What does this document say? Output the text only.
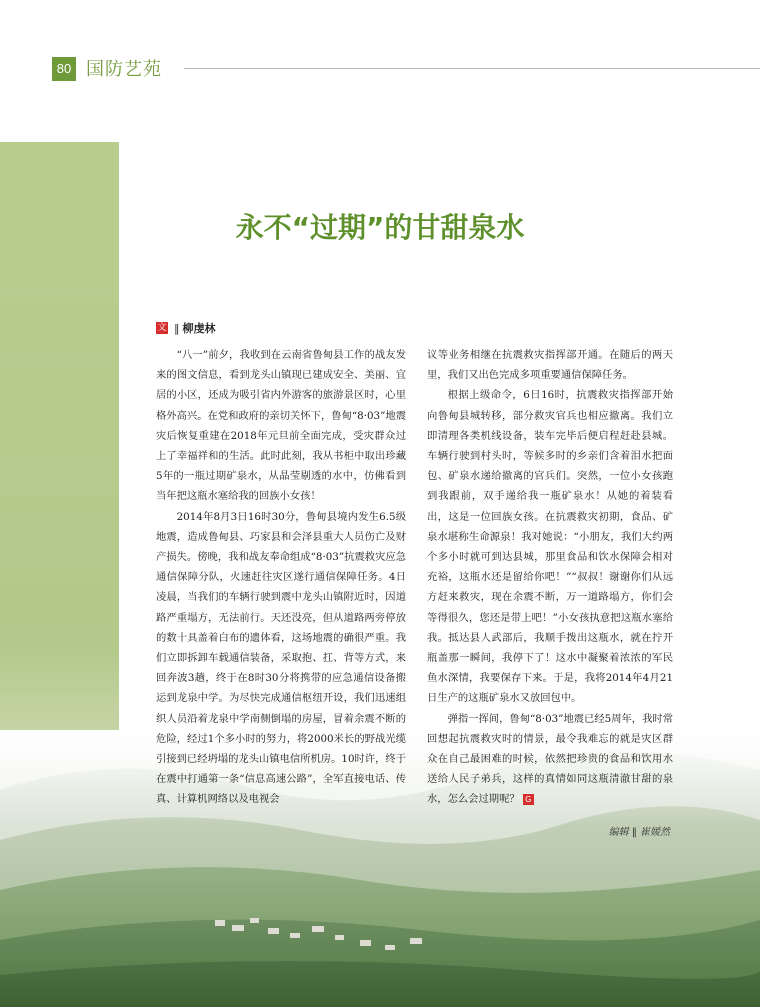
80 国防艺苑
永不“过期”的甘甜泉水
文 ‖ 柳虔林

“八一”前夕，我收到在云南省鲁甸县工作的战友发来的图文信息，看到龙头山镇现已建成安全、美丽、宜居的小区，还成为吸引省内外游客的旅游景区时，心里格外高兴。在党和政府的亲切关怀下，鲁甸“8·03”地震灾后恢复重建在2018年元旦前全面完成，受灾群众过上了幸福祥和的生活。此时此刻，我从书柜中取出珍藏5年的一瓶过期矿泉水，从晶莹剔透的水中，仿佛看到当年把这瓶水塞给我的回族小女孩！

2014年8月3日16时30分，鲁甸县境内发生6.5级地震，造成鲁甸县、巧家县和会泽县重大人员伤亡及财产损失。傍晚，我和战友奉命组成“8·03”抗震救灾应急通信保障分队，火速赶往灾区遂行通信保障任务。4日凌晨，当我们的车辆行驶到震中龙头山镇附近时，因道路严重塌方，无法前行。天还没亮，但从道路两旁停放的数十具盖着白布的遗体看，这场地震的确很严重。我们立即拆卸车载通信装备，采取抱、扛、背等方式，来回奔波3趟，终于在8时30分将携带的应急通信设备搬运到龙泉中学。为尽快完成通信枢纽开设，我们迅速组织人员沿着龙泉中学南侧倒塌的房屋，冒着余震不断的危险，经过1个多小时的努力，将2000米长的野战光缆引接到已经坍塌的龙头山镇电信所机房。10时许，终于在震中打通第一条“信息高速公路”，全军直接电话、传真、计算机网络以及电视会

议等业务相继在抗震救灾指挥部开通。在随后的两天里，我们又出色完成多项重要通信保障任务。

根据上级命令，6日16时，抗震救灾指挥部开始向鲁甸县城转移，部分救灾官兵也相应撤离。我们立即清理各类机线设备，装车完毕后便启程赶赴县城。车辆行驶到村头时，等候多时的乡亲们含着泪水把面包、矿泉水递给撤离的官兵们。突然，一位小女孩跑到我跟前，双手递给我一瓶矿泉水！从她的着装看出，这是一位回族女孩。在抗震救灾初期，食品、矿泉水堪称生命源泉！我对她说：“小朋友，我们大约两个多小时就可到达县城，那里食品和饮水保障会相对充裕，这瓶水还是留给你吧！”“叔叔！谢谢你们从远方赶来救灾，现在余震不断，万一道路塌方，你们会等得很久，您还是带上吧！”小女孩执意把这瓶水塞给我。抵达县人武部后，我顺手拨出这瓶水，就在拧开瓶盖那一瞬间，我停下了！这水中凝聚着浓浓的军民鱼水深情，我要保存下来。于是，我将2014年4月21日生产的这瓶矿泉水又放回包中。

弹指一挥间，鲁甸“8·03”地震已经5周年，我时常回想起抗震救灾时的情景，最令我难忘的就是灾区群众在自己最困难的时候，依然把珍贵的食品和饮用水送给人民子弟兵，这样的真情如同这瓶清澈甘甜的泉水，怎么会过期呢？ G

编辑 ‖ 崔媛然
